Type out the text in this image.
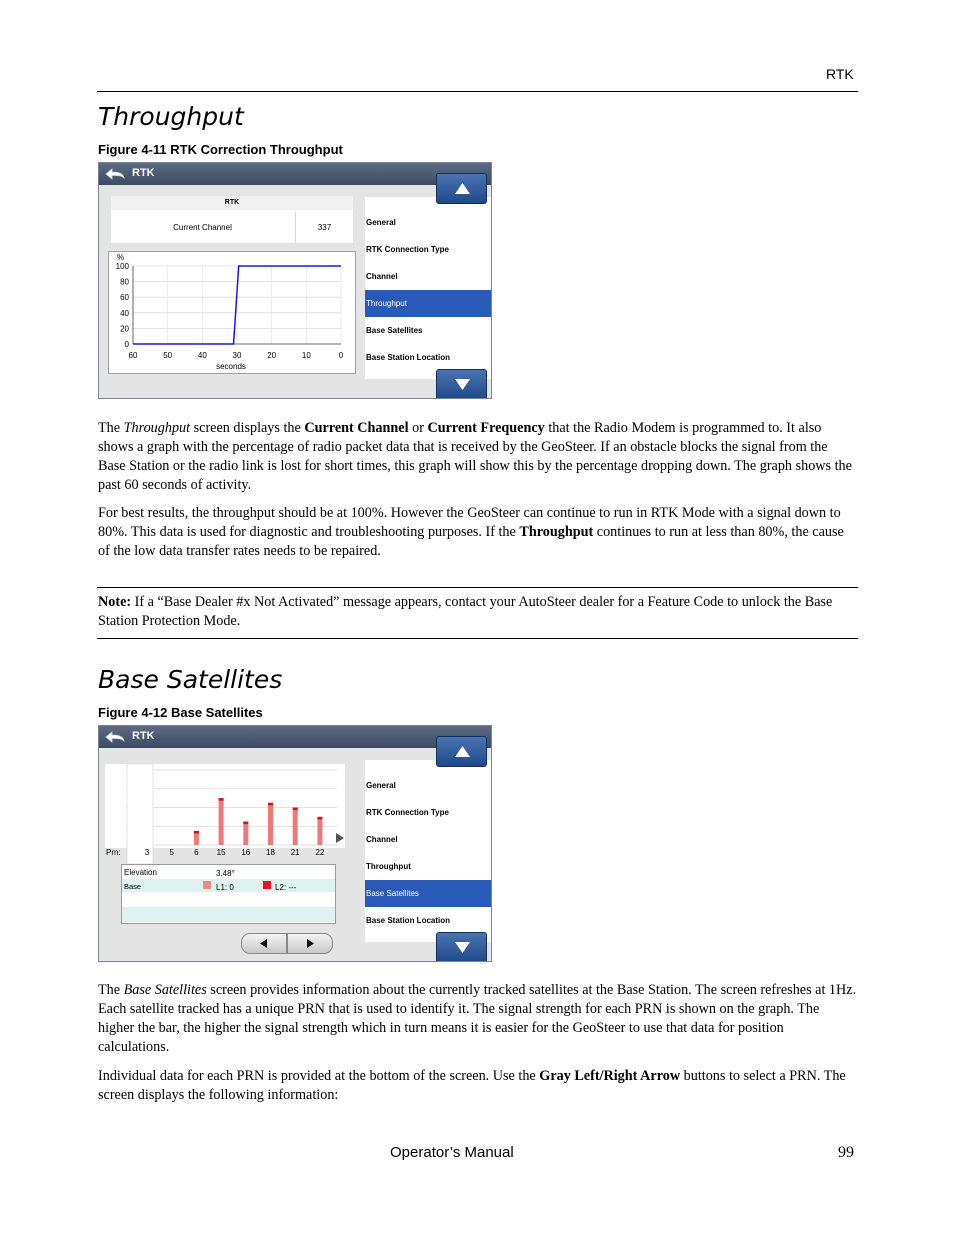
RTK
Throughput
Figure 4-11 RTK Correction Throughput
RTK
RTK
Current Channel	337
100
80
60
40
20
0
60	50	40	30	20	10	0
%
seconds
General
RTK Connection Type
Channel
Throughput
Base Satellites
Base Station Location

The Throughput screen displays the Current Channel or Current Frequency that the Radio Modem is programmed to. It also shows a graph with the percentage of radio packet data that is received by the GeoSteer. If an obstacle blocks the signal from the Base Station or the radio link is lost for short times, this graph will show this by the percentage dropping down. The graph shows the past 60 seconds of activity.

For best results, the throughput should be at 100%. However the GeoSteer can continue to run in RTK Mode with a signal down to 80%. This data is used for diagnostic and troubleshooting purposes. If the Throughput continues to run at less than 80%, the cause of the low data transfer rates needs to be repaired.

Note: If a “Base Dealer #x Not Activated” message appears, contact your AutoSteer dealer for a Feature Code to unlock the Base Station Protection Mode.

Base Satellites
Figure 4-12 Base Satellites
RTK
Prn:	3	5	6 15 16 18 21 22
Elevation	3.48°
Base	L1: 0	L2: ---
General
RTK Connection Type
Channel
Throughput
Base Satellites
Base Station Location

The Base Satellites screen provides information about the currently tracked satellites at the Base Station. The screen refreshes at 1Hz. Each satellite tracked has a unique PRN that is used to identify it. The signal strength for each PRN is shown on the graph. The higher the bar, the higher the signal strength which in turn means it is easier for the GeoSteer to use that data for position calculations.

Individual data for each PRN is provided at the bottom of the screen. Use the Gray Left/Right Arrow buttons to select a PRN. The screen displays the following information:

Operator’s Manual	99
